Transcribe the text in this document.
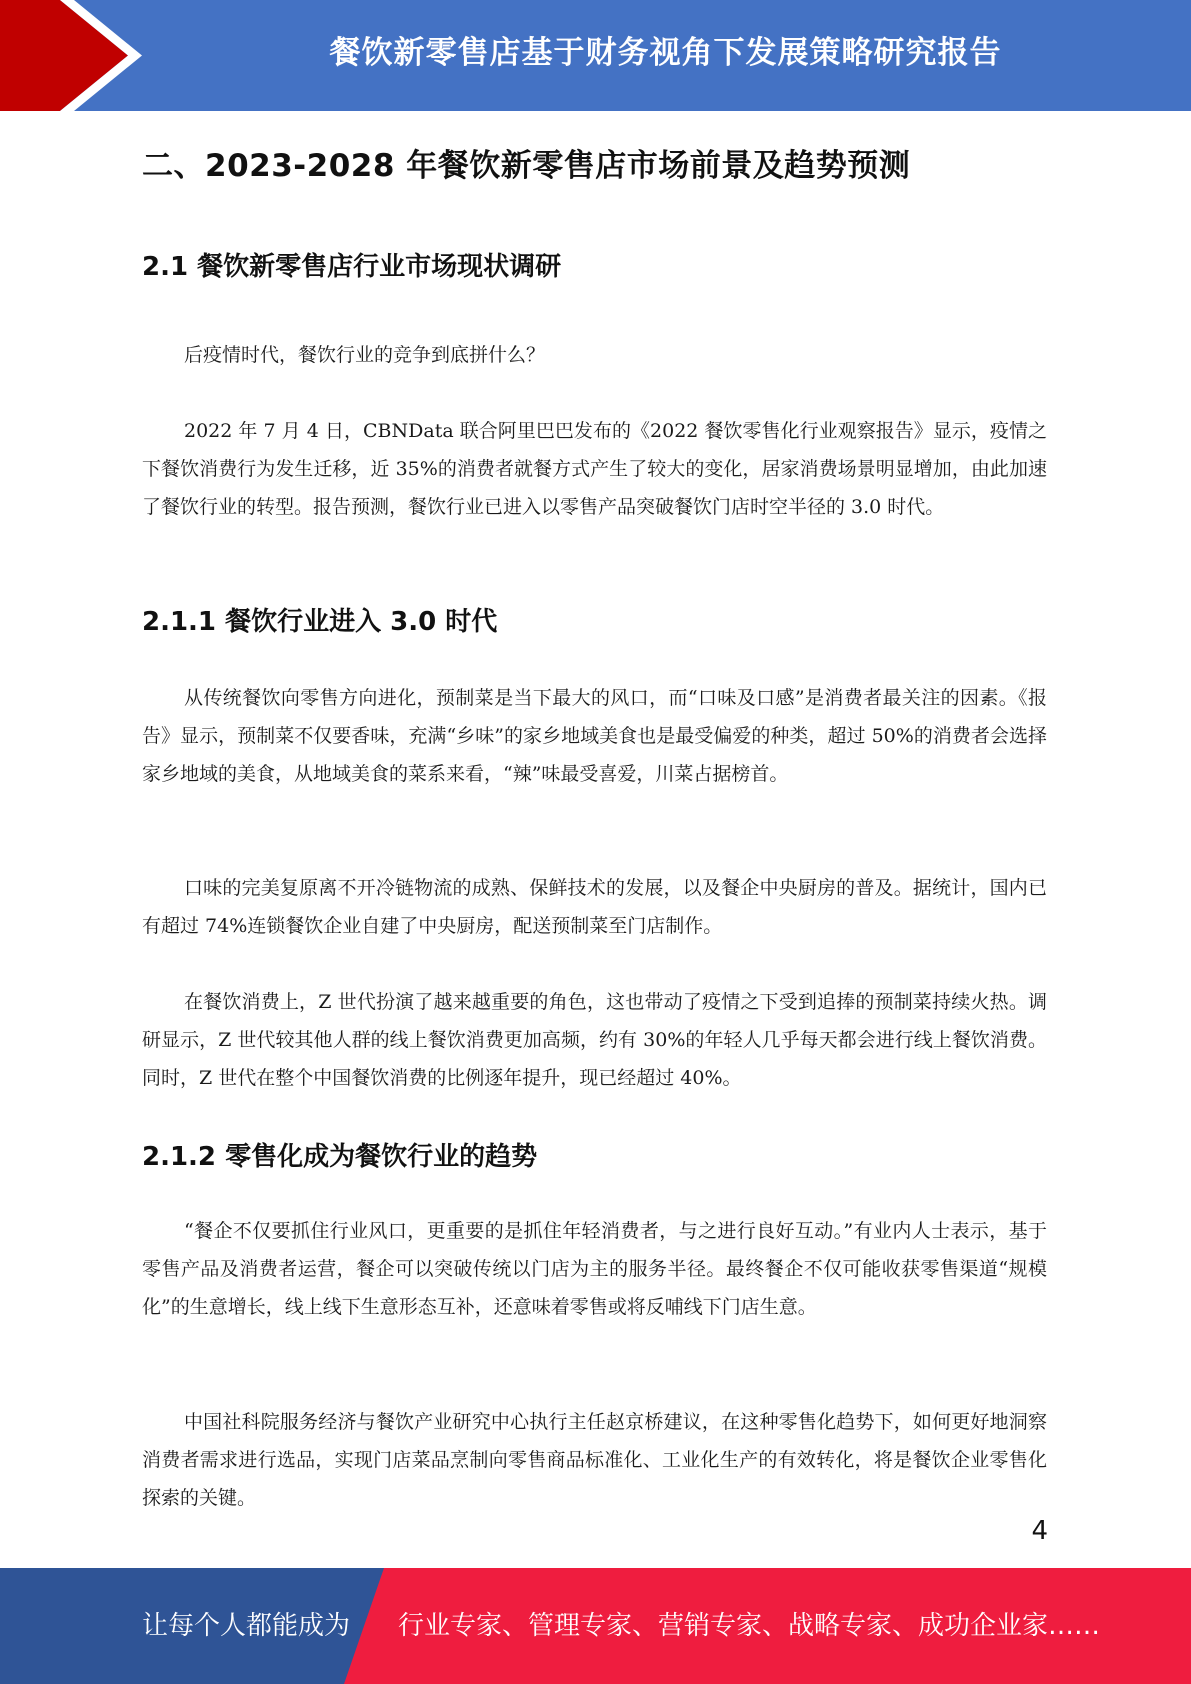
餐饮新零售店基于财务视角下发展策略研究报告
二、2023-2028 年餐饮新零售店市场前景及趋势预测
2.1 餐饮新零售店行业市场现状调研
后疫情时代，餐饮行业的竞争到底拼什么？
2022 年 7 月 4 日，CBNData 联合阿里巴巴发布的《2022 餐饮零售化行业观察报告》显示，疫情之下餐饮消费行为发生迁移，近 35%的消费者就餐方式产生了较大的变化，居家消费场景明显增加，由此加速了餐饮行业的转型。报告预测，餐饮行业已进入以零售产品突破餐饮门店时空半径的 3.0 时代。
2.1.1 餐饮行业进入 3.0 时代
从传统餐饮向零售方向进化，预制菜是当下最大的风口，而“口味及口感”是消费者最关注的因素。《报告》显示，预制菜不仅要香味，充满“乡味”的家乡地域美食也是最受偏爱的种类，超过 50%的消费者会选择家乡地域的美食，从地域美食的菜系来看，“辣”味最受喜爱，川菜占据榜首。
口味的完美复原离不开冷链物流的成熟、保鲜技术的发展，以及餐企中央厨房的普及。据统计，国内已有超过 74%连锁餐饮企业自建了中央厨房，配送预制菜至门店制作。
在餐饮消费上，Z 世代扮演了越来越重要的角色，这也带动了疫情之下受到追捧的预制菜持续火热。调研显示，Z 世代较其他人群的线上餐饮消费更加高频，约有 30%的年轻人几乎每天都会进行线上餐饮消费。同时，Z 世代在整个中国餐饮消费的比例逐年提升，现已经超过 40%。
2.1.2 零售化成为餐饮行业的趋势
“餐企不仅要抓住行业风口，更重要的是抓住年轻消费者，与之进行良好互动。”有业内人士表示，基于零售产品及消费者运营，餐企可以突破传统以门店为主的服务半径。最终餐企不仅可能收获零售渠道“规模化”的生意增长，线上线下生意形态互补，还意味着零售或将反哺线下门店生意。
中国社科院服务经济与餐饮产业研究中心执行主任赵京桥建议，在这种零售化趋势下，如何更好地洞察消费者需求进行选品，实现门店菜品烹制向零售商品标准化、工业化生产的有效转化，将是餐饮企业零售化探索的关键。
4
让每个人都能成为 行业专家、管理专家、营销专家、战略专家、成功企业家……
